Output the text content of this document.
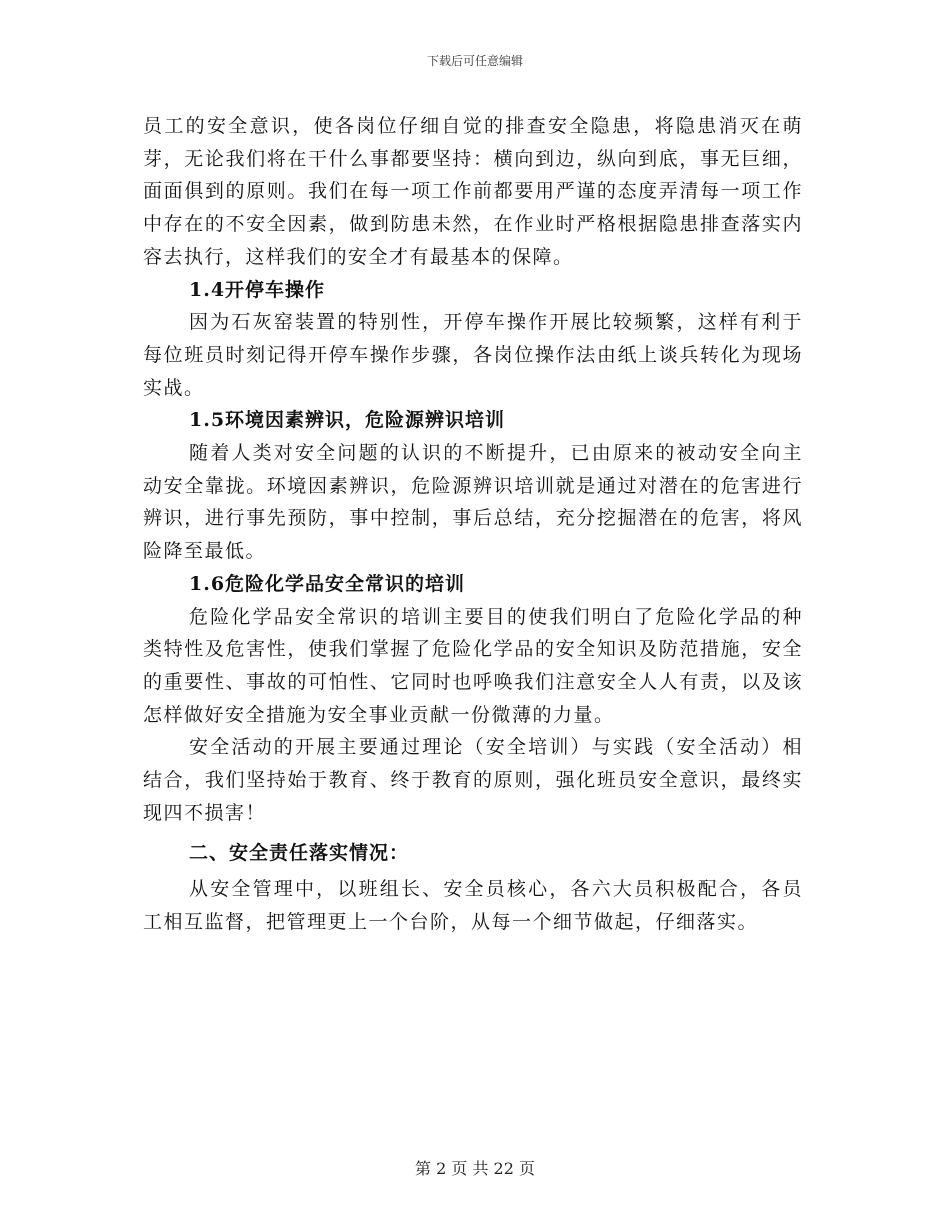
下载后可任意编辑

员工的安全意识，使各岗位仔细自觉的排查安全隐患，将隐患消灭在萌芽，无论我们将在干什么事都要坚持：横向到边，纵向到底，事无巨细，面面俱到的原则。我们在每一项工作前都要用严谨的态度弄清每一项工作中存在的不安全因素，做到防患未然，在作业时严格根据隐患排查落实内容去执行，这样我们的安全才有最基本的保障。

1.4开停车操作

因为石灰窑装置的特别性，开停车操作开展比较频繁，这样有利于每位班员时刻记得开停车操作步骤，各岗位操作法由纸上谈兵转化为现场实战。

1.5环境因素辨识，危险源辨识培训

随着人类对安全问题的认识的不断提升，已由原来的被动安全向主动安全靠拢。环境因素辨识，危险源辨识培训就是通过对潜在的危害进行辨识，进行事先预防，事中控制，事后总结，充分挖掘潜在的危害，将风险降至最低。

1.6危险化学品安全常识的培训

危险化学品安全常识的培训主要目的使我们明白了危险化学品的种类特性及危害性，使我们掌握了危险化学品的安全知识及防范措施，安全的重要性、事故的可怕性、它同时也呼唤我们注意安全人人有责，以及该怎样做好安全措施为安全事业贡献一份微薄的力量。

安全活动的开展主要通过理论（安全培训）与实践（安全活动）相结合，我们坚持始于教育、终于教育的原则，强化班员安全意识，最终实现四不损害！

二、安全责任落实情况：

从安全管理中，以班组长、安全员核心，各六大员积极配合，各员工相互监督，把管理更上一个台阶，从每一个细节做起，仔细落实。

第 2 页 共 22 页
